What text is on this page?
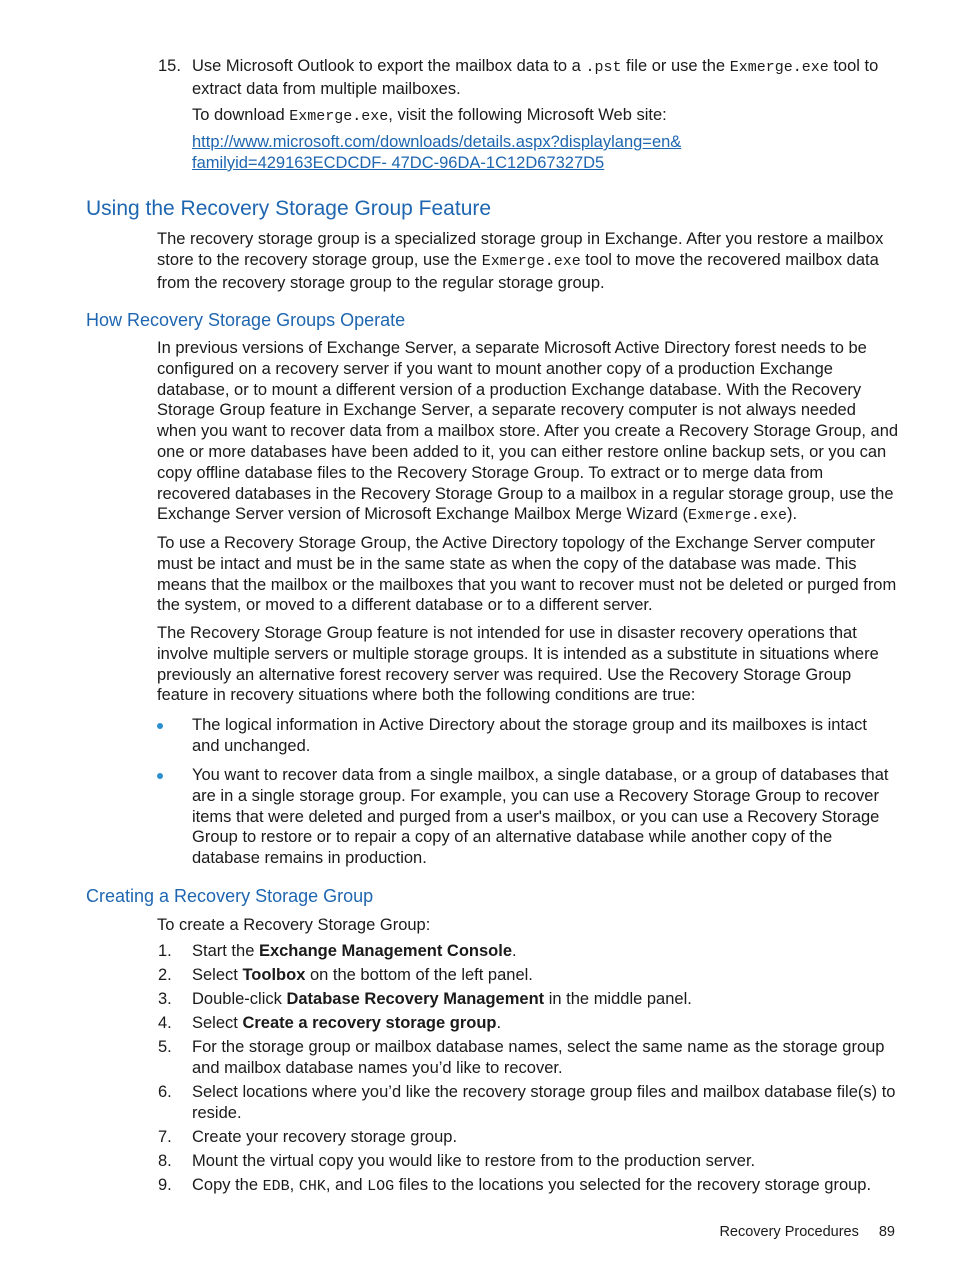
15. Use Microsoft Outlook to export the mailbox data to a .pst file or use the Exmerge.exe tool to extract data from multiple mailboxes.
To download Exmerge.exe, visit the following Microsoft Web site:
http://www.microsoft.com/downloads/details.aspx?displaylang=en&
familyid=429163ECDCDF- 47DC-96DA-1C12D67327D5
Using the Recovery Storage Group Feature
The recovery storage group is a specialized storage group in Exchange. After you restore a mailbox store to the recovery storage group, use the Exmerge.exe tool to move the recovered mailbox data from the recovery storage group to the regular storage group.
How Recovery Storage Groups Operate
In previous versions of Exchange Server, a separate Microsoft Active Directory forest needs to be configured on a recovery server if you want to mount another copy of a production Exchange database, or to mount a different version of a production Exchange database. With the Recovery Storage Group feature in Exchange Server, a separate recovery computer is not always needed when you want to recover data from a mailbox store. After you create a Recovery Storage Group, and one or more databases have been added to it, you can either restore online backup sets, or you can copy offline database files to the Recovery Storage Group. To extract or to merge data from recovered databases in the Recovery Storage Group to a mailbox in a regular storage group, use the Exchange Server version of Microsoft Exchange Mailbox Merge Wizard (Exmerge.exe).
To use a Recovery Storage Group, the Active Directory topology of the Exchange Server computer must be intact and must be in the same state as when the copy of the database was made. This means that the mailbox or the mailboxes that you want to recover must not be deleted or purged from the system, or moved to a different database or to a different server.
The Recovery Storage Group feature is not intended for use in disaster recovery operations that involve multiple servers or multiple storage groups. It is intended as a substitute in situations where previously an alternative forest recovery server was required. Use the Recovery Storage Group feature in recovery situations where both the following conditions are true:
The logical information in Active Directory about the storage group and its mailboxes is intact and unchanged.
You want to recover data from a single mailbox, a single database, or a group of databases that are in a single storage group. For example, you can use a Recovery Storage Group to recover items that were deleted and purged from a user's mailbox, or you can use a Recovery Storage Group to restore or to repair a copy of an alternative database while another copy of the database remains in production.
Creating a Recovery Storage Group
To create a Recovery Storage Group:
1. Start the Exchange Management Console.
2. Select Toolbox on the bottom of the left panel.
3. Double-click Database Recovery Management in the middle panel.
4. Select Create a recovery storage group.
5. For the storage group or mailbox database names, select the same name as the storage group and mailbox database names you’d like to recover.
6. Select locations where you’d like the recovery storage group files and mailbox database file(s) to reside.
7. Create your recovery storage group.
8. Mount the virtual copy you would like to restore from to the production server.
9. Copy the EDB, CHK, and LOG files to the locations you selected for the recovery storage group.
Recovery Procedures 89
